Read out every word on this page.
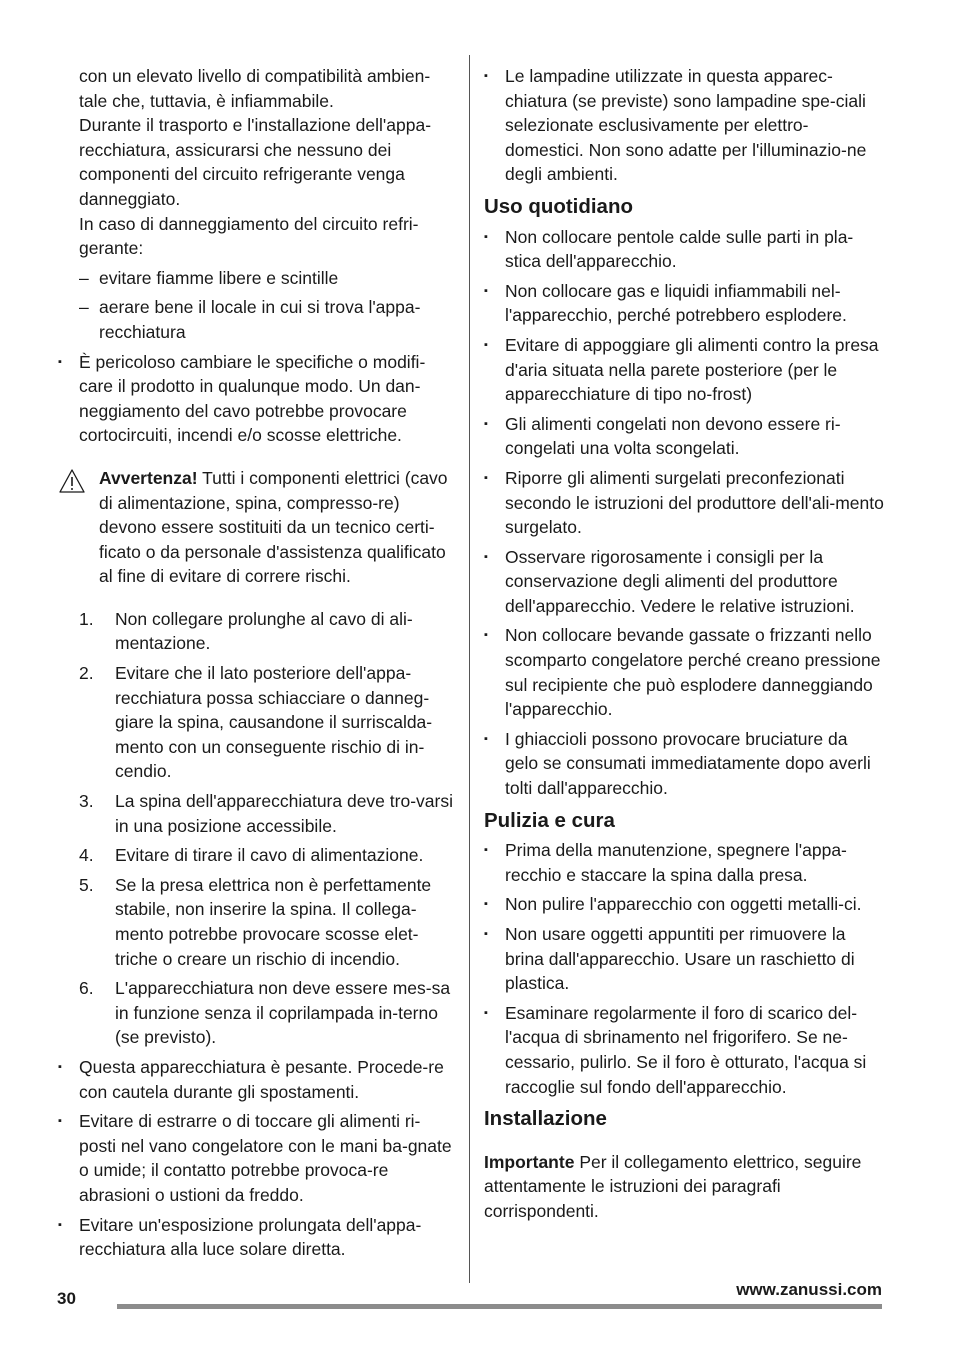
con un elevato livello di compatibilità ambien-tale che, tuttavia, è infiammabile.

Durante il trasporto e l'installazione dell'appa-recchiatura, assicurarsi che nessuno dei componenti del circuito refrigerante venga danneggiato.

In caso di danneggiamento del circuito refri-gerante:

– evitare fiamme libere e scintille
– aerare bene il locale in cui si trova l'appa-recchiatura
▪ È pericoloso cambiare le specifiche o modifi-care il prodotto in qualunque modo. Un dan-neggiamento del cavo potrebbe provocare cortocircuiti, incendi e/o scosse elettriche.

Avvertenza! Tutti i componenti elettrici (cavo di alimentazione, spina, compresso-re) devono essere sostituiti da un tecnico certi-ficato o da personale d'assistenza qualificato al fine di evitare di correre rischi.

1. Non collegare prolunghe al cavo di ali-mentazione.
2. Evitare che il lato posteriore dell'appa-recchiatura possa schiacciare o danneg-giare la spina, causandone il surriscalda-mento con un conseguente rischio di in-cendio.
3. La spina dell'apparecchiatura deve tro-varsi in una posizione accessibile.
4. Evitare di tirare il cavo di alimentazione.
5. Se la presa elettrica non è perfettamente stabile, non inserire la spina. Il collega-mento potrebbe provocare scosse elet-triche o creare un rischio di incendio.
6. L'apparecchiatura non deve essere mes-sa in funzione senza il coprilampada in-terno (se previsto).
▪ Questa apparecchiatura è pesante. Procede-re con cautela durante gli spostamenti.
▪ Evitare di estrarre o di toccare gli alimenti ri-posti nel vano congelatore con le mani ba-gnate o umide; il contatto potrebbe provoca-re abrasioni o ustioni da freddo.
▪ Evitare un'esposizione prolungata dell'appa-recchiatura alla luce solare diretta.
▪ Le lampadine utilizzate in questa apparec-chiatura (se previste) sono lampadine spe-ciali selezionate esclusivamente per elettro-domestici. Non sono adatte per l'illuminazio-ne degli ambienti.
Uso quotidiano
▪ Non collocare pentole calde sulle parti in pla-stica dell'apparecchio.
▪ Non collocare gas e liquidi infiammabili nel-l'apparecchio, perché potrebbero esplodere.
▪ Evitare di appoggiare gli alimenti contro la presa d'aria situata nella parete posteriore (per le apparecchiature di tipo no-frost)
▪ Gli alimenti congelati non devono essere ri-congelati una volta scongelati.
▪ Riporre gli alimenti surgelati preconfezionati secondo le istruzioni del produttore dell'ali-mento surgelato.
▪ Osservare rigorosamente i consigli per la conservazione degli alimenti del produttore dell'apparecchio. Vedere le relative istruzioni.
▪ Non collocare bevande gassate o frizzanti nello scomparto congelatore perché creano pressione sul recipiente che può esplodere danneggiando l'apparecchio.
▪ I ghiaccioli possono provocare bruciature da gelo se consumati immediatamente dopo averli tolti dall'apparecchio.
Pulizia e cura
▪ Prima della manutenzione, spegnere l'appa-recchio e staccare la spina dalla presa.
▪ Non pulire l'apparecchio con oggetti metalli-ci.
▪ Non usare oggetti appuntiti per rimuovere la brina dall'apparecchio. Usare un raschietto di plastica.
▪ Esaminare regolarmente il foro di scarico del-l'acqua di sbrinamento nel frigorifero. Se ne-cessario, pulirlo. Se il foro è otturato, l'acqua si raccoglie sul fondo dell'apparecchio.
Installazione

Importante Per il collegamento elettrico, seguire attentamente le istruzioni dei paragrafi corrispondenti.

30	www.zanussi.com
